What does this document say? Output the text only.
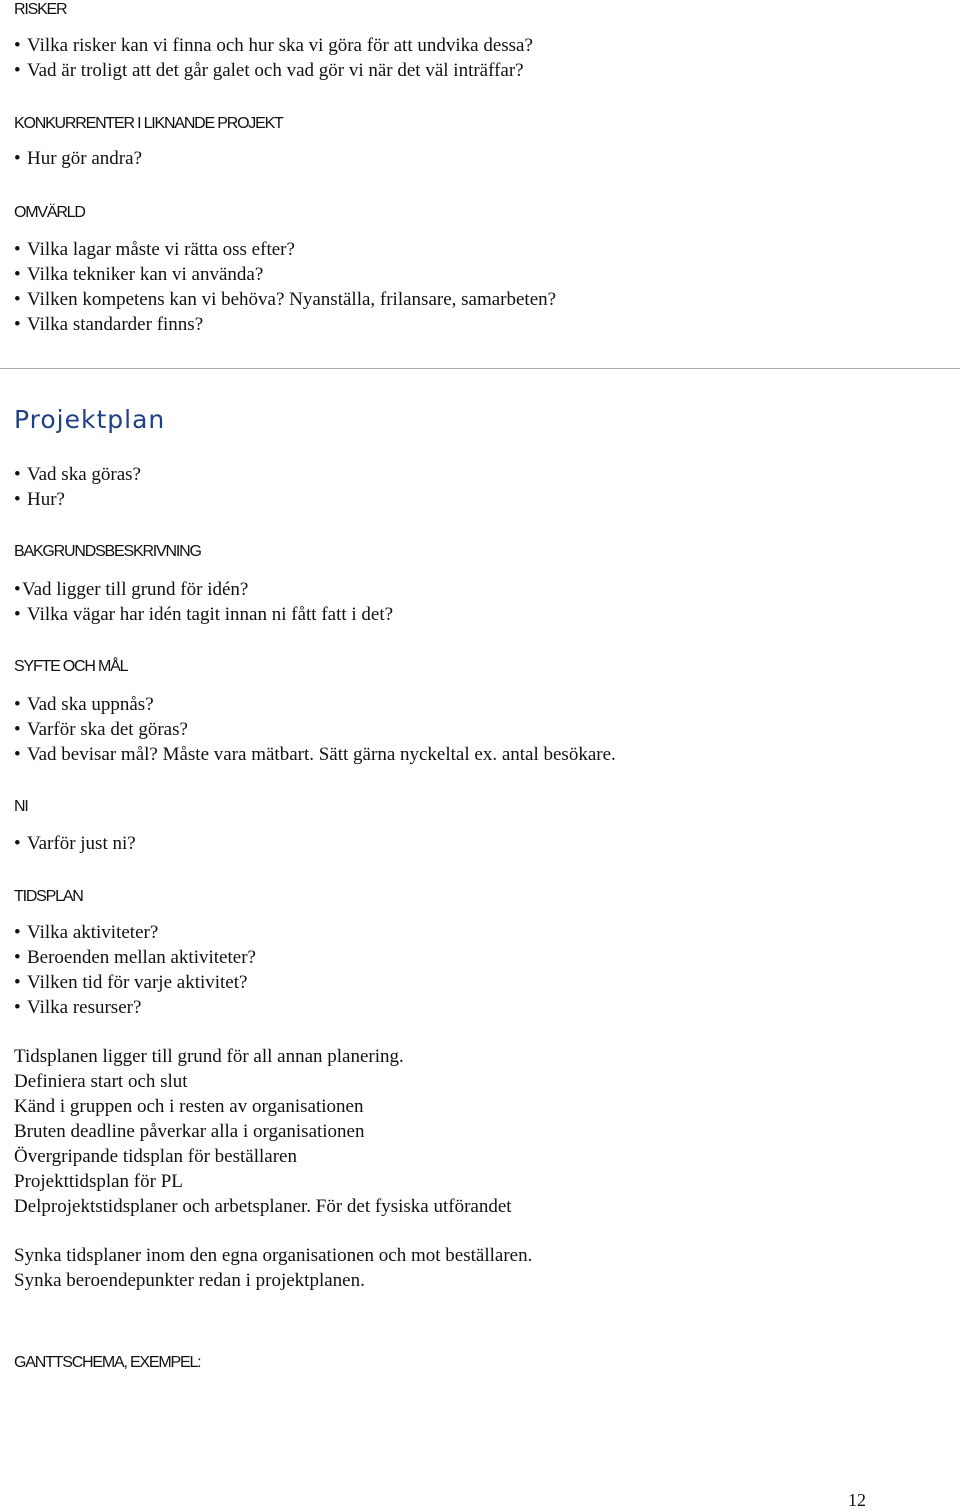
RISKER
• Vilka risker kan vi finna och hur ska vi göra för att undvika dessa?
• Vad är troligt att det går galet och vad gör vi när det väl inträffar?
KONKURRENTER I LIKNANDE PROJEKT
• Hur gör andra?
OMVÄRLD
• Vilka lagar måste vi rätta oss efter?
• Vilka tekniker kan vi använda?
• Vilken kompetens kan vi behöva? Nyanställa, frilansare, samarbeten?
• Vilka standarder finns?
Projektplan
• Vad ska göras?
• Hur?
BAKGRUNDSBESKRIVNING
• Vad ligger till grund för idén?
• Vilka vägar har idén tagit innan ni fått fatt i det?
SYFTE OCH MÅL
• Vad ska uppnås?
• Varför ska det göras?
• Vad bevisar mål? Måste vara mätbart. Sätt gärna nyckeltal ex. antal besökare.
NI
• Varför just ni?
TIDSPLAN
• Vilka aktiviteter?
• Beroenden mellan aktiviteter?
• Vilken tid för varje aktivitet?
• Vilka resurser?
Tidsplanen ligger till grund för all annan planering.
Definiera start och slut
Känd i gruppen och i resten av organisationen
Bruten deadline påverkar alla i organisationen
Övergripande tidsplan för beställaren
Projekttidsplan för PL
Delprojektstidsplaner och arbetsplaner. För det fysiska utförandet
Synka tidsplaner inom den egna organisationen och mot beställaren.
Synka beroendepunkter redan i projektplanen.
GANTTSCHEMA, EXEMPEL:
12
